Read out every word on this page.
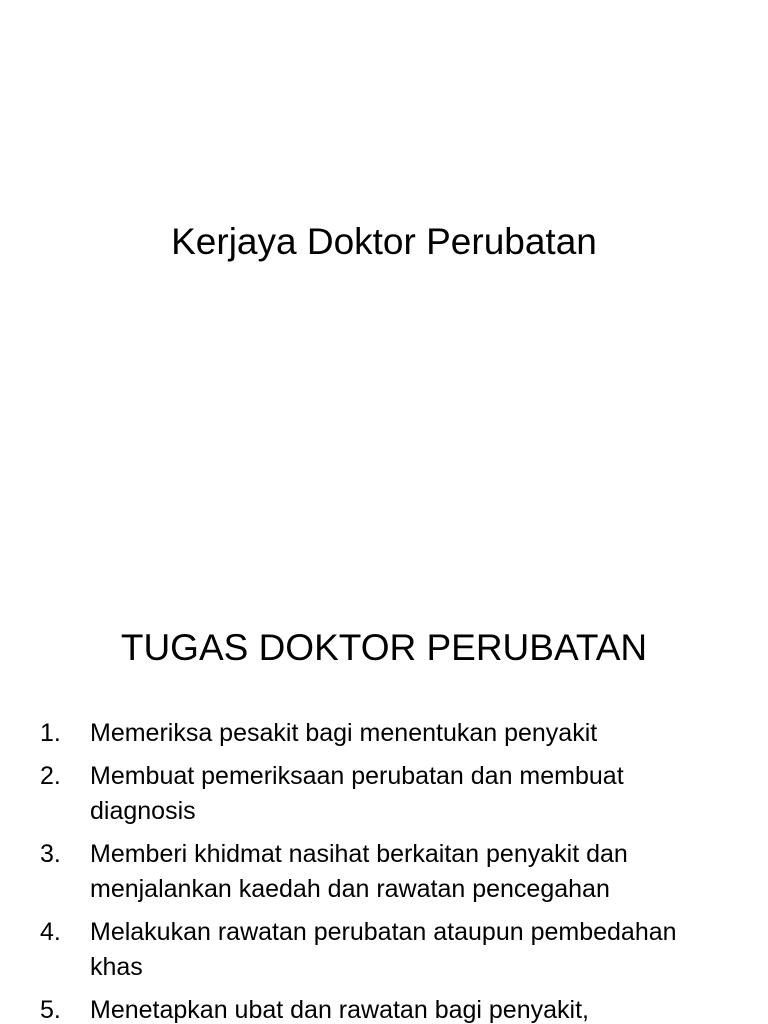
Kerjaya Doktor Perubatan
TUGAS DOKTOR PERUBATAN
1.	Memeriksa pesakit bagi menentukan penyakit
2.	Membuat pemeriksaan perubatan dan membuat diagnosis
3.	Memberi khidmat nasihat berkaitan penyakit dan menjalankan kaedah dan rawatan pencegahan
4.	Melakukan rawatan perubatan ataupun pembedahan khas
5.	Menetapkan ubat dan rawatan bagi penyakit,
